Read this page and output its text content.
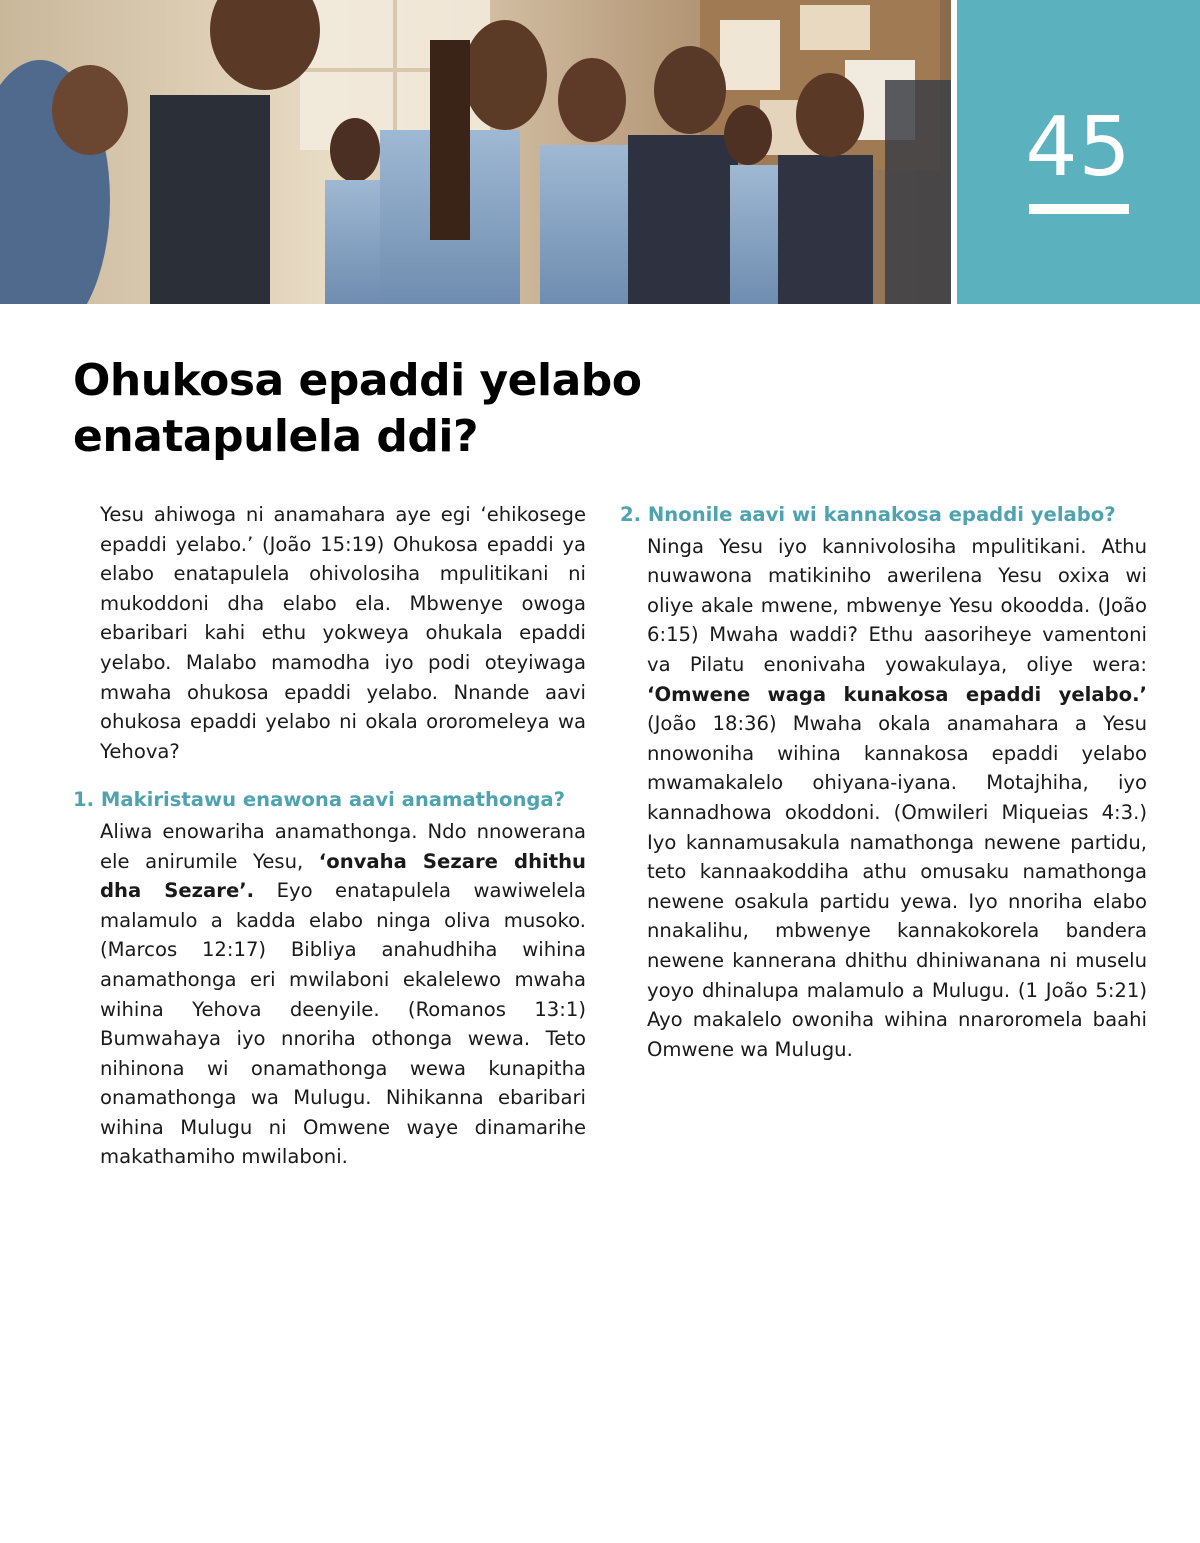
45
Ohukosa epaddi yelabo enatapulela ddi?

Yesu ahiwoga ni anamahara aye egi ‘ehikosege epaddi yelabo.’ (João 15:19) Ohukosa epaddi ya elabo enatapulela ohivolosiha mpulitikani ni mukoddoni dha elabo ela. Mbwenye owoga ebaribari kahi ethu yokweya ohukala epaddi yelabo. Malabo mamodha iyo podi oteyiwaga mwaha ohukosa epaddi yelabo. Nnande aavi ohukosa epaddi yelabo ni okala ororomeleya wa Yehova?

1. Makiristawu enawona aavi anamathonga?

Aliwa enowariha anamathonga. Ndo nnowerana ele anirumile Yesu, ‘onvaha Sezare dhithu dha Sezare’. Eyo enatapulela wawiwelela malamulo a kadda elabo ninga oliva musoko. (Marcos 12:17) Bibliya anahudhiha wihina anamathonga eri mwilaboni ekalelewo mwaha wihina Yehova deenyile. (Romanos 13:1) Bumwahaya iyo nnoriha othonga wewa. Teto nihinona wi onamathonga wewa kunapitha onamathonga wa Mulugu. Nihikanna ebaribari wihina Mulugu ni Omwene waye dinamarihe makathamiho mwilaboni.

2. Nnonile aavi wi kannakosa epaddi yelabo?

Ninga Yesu iyo kannivolosiha mpulitikani. Athu nuwawona matikiniho awerilena Yesu oxixa wi oliye akale mwene, mbwenye Yesu okoodda. (João 6:15) Mwaha waddi? Ethu aasoriheye vamentoni va Pilatu enonivaha yowakulaya, oliye wera: ‘Omwene waga kunakosa epaddi yelabo.’ (João 18:36) Mwaha okala anamahara a Yesu nnowoniha wihina kannakosa epaddi yelabo mwamakalelo ohiyana-iyana. Motajhiha, iyo kannadhowa okoddoni. (Omwileri Miqueias 4:3.) Iyo kannamusakula namathonga newene partidu, teto kannaakoddiha athu omusaku namathonga newene osakula partidu yewa. Iyo nnoriha elabo nnakalihu, mbwenye kannakokorela bandera newene kannerana dhithu dhiniwanana ni muselu yoyo dhinalupa malamulo a Mulugu. (1 João 5:21) Ayo makalelo owoniha wihina nnaroromela baahi Omwene wa Mulugu.
